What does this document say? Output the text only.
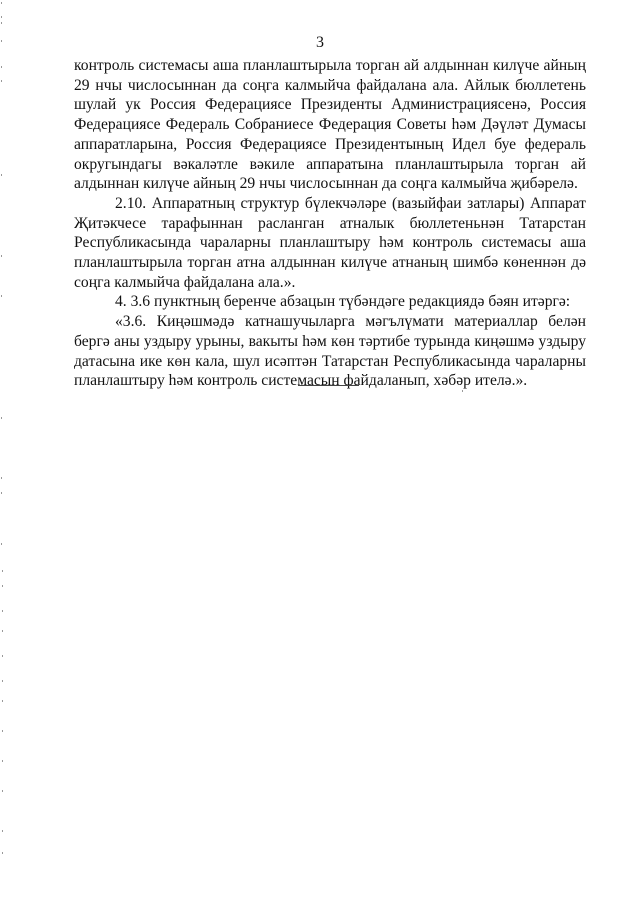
3

контроль системасы аша планлаштырыла торган ай алдыннан килүче айның 29 нчы числосыннан да соңга калмыйча файдалана ала. Айлык бюллетень шулай ук Россия Федерациясе Президенты Администрациясенә, Россия Федерациясе Федераль Собраниесе Федерация Советы һәм Дәүләт Думасы аппаратларына, Россия Федерациясе Президентының Идел буе федераль округындагы вәкаләтле вәкиле аппаратына планлаштырыла торган ай алдыннан килүче айның 29 нчы числосыннан да соңга калмыйча җибәрелә.

2.10. Аппаратның структур бүлекчәләре (вазыйфаи затлары) Аппарат Җитәкчесе тарафыннан расланган атналык бюллетеньнән Татарстан Республикасында чараларны планлаштыру һәм контроль системасы аша планлаштырыла торган атна алдыннан килүче атнаның шимбә көненнән дә соңга калмыйча файдалана ала.».

4. 3.6 пунктның беренче абзацын түбәндәге редакциядә бәян итәргә:

«3.6. Киңәшмәдә катнашучыларга мәгълүмати материаллар белән бергә аны уздыру урыны, вакыты һәм көн тәртибе турында киңәшмә уздыру датасына ике көн кала, шул исәптән Татарстан Республикасында чараларны планлаштыру һәм контроль системасын файдаланып, хәбәр ителә.».
